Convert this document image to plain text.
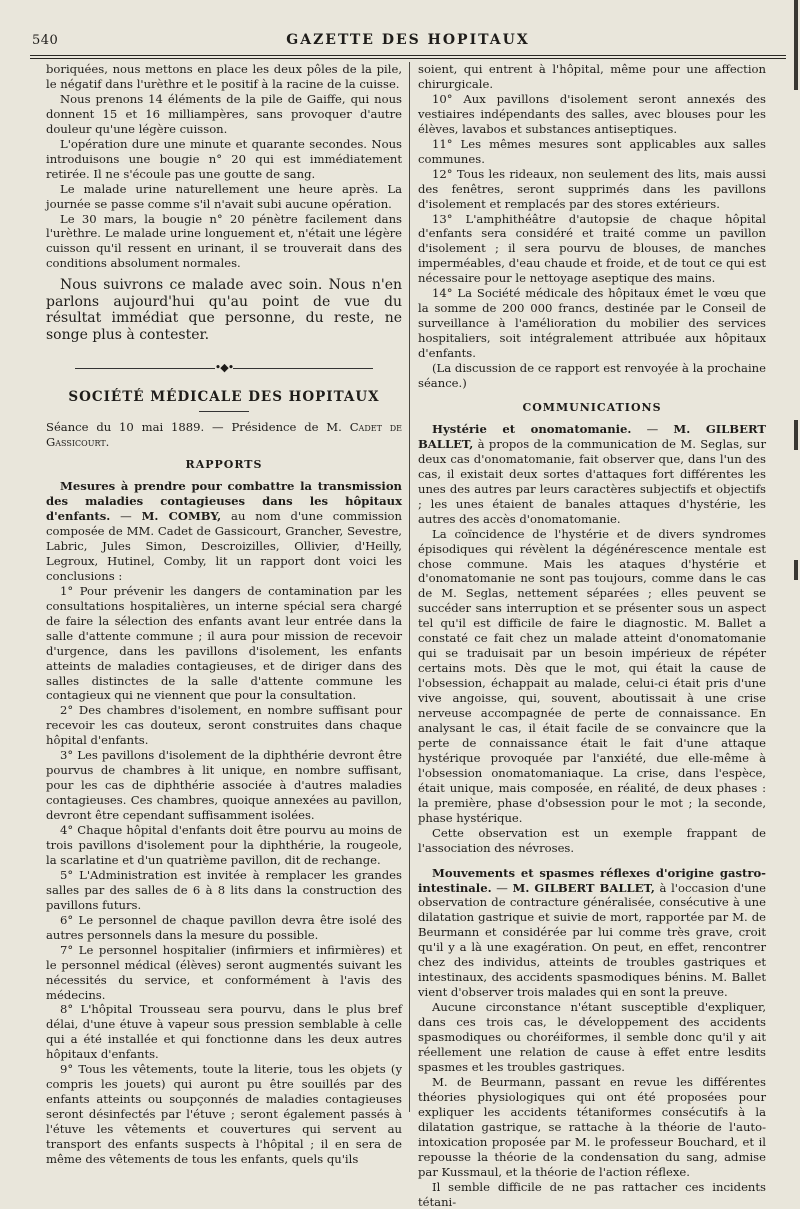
540	GAZETTE DES HOPITAUX

boriquées, nous mettons en place les deux pôles de la pile, le négatif dans l'urèthre et le positif à la racine de la cuisse.

Nous prenons 14 éléments de la pile de Gaiffe, qui nous donnent 15 et 16 milliampères, sans provoquer d'autre douleur qu'une légère cuisson.

L'opération dure une minute et quarante secondes. Nous introduisons une bougie n° 20 qui est immédiatement retirée. Il ne s'écoule pas une goutte de sang.

Le malade urine naturellement une heure après. La journée se passe comme s'il n'avait subi aucune opération.

Le 30 mars, la bougie n° 20 pénètre facilement dans l'urèthre. Le malade urine longuement et, n'était une légère cuisson qu'il ressent en urinant, il se trouverait dans des conditions absolument normales.

Nous suivrons ce malade avec soin. Nous n'en parlons aujourd'hui qu'au point de vue du résultat immédiat que personne, du reste, ne songe plus à contester.

•◆•
SOCIÉTÉ MÉDICALE DES HOPITAUX

Séance du 10 mai 1889. — Présidence de M. Cadet de Gassicourt.

RAPPORTS

Mesures à prendre pour combattre la transmission des maladies contagieuses dans les hôpitaux d'enfants. — M. COMBY, au nom d'une commission composée de MM. Cadet de Gassicourt, Grancher, Sevestre, Labric, Jules Simon, Descroizilles, Ollivier, d'Heilly, Legroux, Hutinel, Comby, lit un rapport dont voici les conclusions :

1° Pour prévenir les dangers de contamination par les consultations hospitalières, un interne spécial sera chargé de faire la sélection des enfants avant leur entrée dans la salle d'attente commune ; il aura pour mission de recevoir d'urgence, dans les pavillons d'isolement, les enfants atteints de maladies contagieuses, et de diriger dans des salles distinctes de la salle d'attente commune les contagieux qui ne viennent que pour la consultation.

2° Des chambres d'isolement, en nombre suffisant pour recevoir les cas douteux, seront construites dans chaque hôpital d'enfants.

3° Les pavillons d'isolement de la diphthérie devront être pourvus de chambres à lit unique, en nombre suffisant, pour les cas de diphthérie associée à d'autres maladies contagieuses. Ces chambres, quoique annexées au pavillon, devront être cependant suffisamment isolées.

4° Chaque hôpital d'enfants doit être pourvu au moins de trois pavillons d'isolement pour la diphthérie, la rougeole, la scarlatine et d'un quatrième pavillon, dit de rechange.

5° L'Administration est invitée à remplacer les grandes salles par des salles de 6 à 8 lits dans la construction des pavillons futurs.

6° Le personnel de chaque pavillon devra être isolé des autres personnels dans la mesure du possible.

7° Le personnel hospitalier (infirmiers et infirmières) et le personnel médical (élèves) seront augmentés suivant les nécessités du service, et conformément à l'avis des médecins.

8° L'hôpital Trousseau sera pourvu, dans le plus bref délai, d'une étuve à vapeur sous pression semblable à celle qui a été installée et qui fonctionne dans les deux autres hôpitaux d'enfants.

9° Tous les vêtements, toute la literie, tous les objets (y compris les jouets) qui auront pu être souillés par des enfants atteints ou soupçonnés de maladies contagieuses seront désinfectés par l'étuve ; seront également passés à l'étuve les vêtements et couvertures qui servent au transport des enfants suspects à l'hôpital ; il en sera de même des vêtements de tous les enfants, quels qu'ils

soient, qui entrent à l'hôpital, même pour une affection chirurgicale.

10° Aux pavillons d'isolement seront annexés des vestiaires indépendants des salles, avec blouses pour les élèves, lavabos et substances antiseptiques.

11° Les mêmes mesures sont applicables aux salles communes.

12° Tous les rideaux, non seulement des lits, mais aussi des fenêtres, seront supprimés dans les pavillons d'isolement et remplacés par des stores extérieurs.

13° L'amphithéâtre d'autopsie de chaque hôpital d'enfants sera considéré et traité comme un pavillon d'isolement ; il sera pourvu de blouses, de manches imperméables, d'eau chaude et froide, et de tout ce qui est nécessaire pour le nettoyage aseptique des mains.

14° La Société médicale des hôpitaux émet le vœu que la somme de 200 000 francs, destinée par le Conseil de surveillance à l'amélioration du mobilier des services hospitaliers, soit intégralement attribuée aux hôpitaux d'enfants.

(La discussion de ce rapport est renvoyée à la prochaine séance.)

COMMUNICATIONS

Hystérie et onomatomanie. — M. GILBERT BALLET, à propos de la communication de M. Seglas, sur deux cas d'onomatomanie, fait observer que, dans l'un des cas, il existait deux sortes d'attaques fort différentes les unes des autres par leurs caractères subjectifs et objectifs ; les unes étaient de banales attaques d'hystérie, les autres des accès d'onomatomanie.

La coïncidence de l'hystérie et de divers syndromes épisodiques qui révèlent la dégénérescence mentale est chose commune. Mais les ataques d'hystérie et d'onomatomanie ne sont pas toujours, comme dans le cas de M. Seglas, nettement séparées ; elles peuvent se succéder sans interruption et se présenter sous un aspect tel qu'il est difficile de faire le diagnostic. M. Ballet a constaté ce fait chez un malade atteint d'onomatomanie qui se traduisait par un besoin impérieux de répéter certains mots. Dès que le mot, qui était la cause de l'obsession, échappait au malade, celui-ci était pris d'une vive angoisse, qui, souvent, aboutissait à une crise nerveuse accompagnée de perte de connaissance. En analysant le cas, il était facile de se convaincre que la perte de connaissance était le fait d'une attaque hystérique provoquée par l'anxiété, due elle-même à l'obsession onomatomaniaque. La crise, dans l'espèce, était unique, mais composée, en réalité, de deux phases : la première, phase d'obsession pour le mot ; la seconde, phase hystérique.

Cette observation est un exemple frappant de l'association des névroses.

Mouvements et spasmes réflexes d'origine gastro-intestinale. — M. GILBERT BALLET, à l'occasion d'une observation de contracture généralisée, consécutive à une dilatation gastrique et suivie de mort, rapportée par M. de Beurmann et considérée par lui comme très grave, croit qu'il y a là une exagération. On peut, en effet, rencontrer chez des individus, atteints de troubles gastriques et intestinaux, des accidents spasmodiques bénins. M. Ballet vient d'observer trois malades qui en sont la preuve.

Aucune circonstance n'étant susceptible d'expliquer, dans ces trois cas, le développement des accidents spasmodiques ou choréiformes, il semble donc qu'il y ait réellement une relation de cause à effet entre lesdits spasmes et les troubles gastriques.

M. de Beurmann, passant en revue les différentes théories physiologiques qui ont été proposées pour expliquer les accidents tétaniformes consécutifs à la dilatation gastrique, se rattache à la théorie de l'auto-intoxication proposée par M. le professeur Bouchard, et il repousse la théorie de la condensation du sang, admise par Kussmaul, et la théorie de l'action réflexe.

Il semble difficile de ne pas rattacher ces incidents tétani-
